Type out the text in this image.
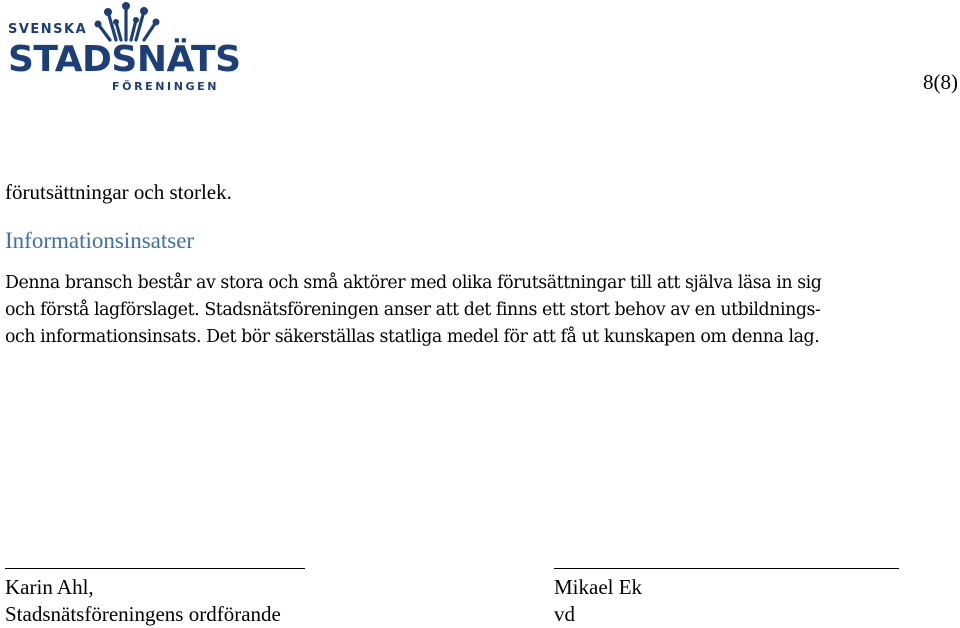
SVENSKA
STADSNÄTS
FÖRENINGEN	8(8)
förutsättningar och storlek.
Informationsinsatser
Denna bransch består av stora och små aktörer med olika förutsättningar till att själva läsa in sig
och förstå lagförslaget. Stadsnätsföreningen anser att det finns ett stort behov av en utbildnings-
och informationsinsats. Det bör säkerställas statliga medel för att få ut kunskapen om denna lag.
Karin Ahl,
Stadsnätsföreningens ordförande
Mikael Ek
vd
